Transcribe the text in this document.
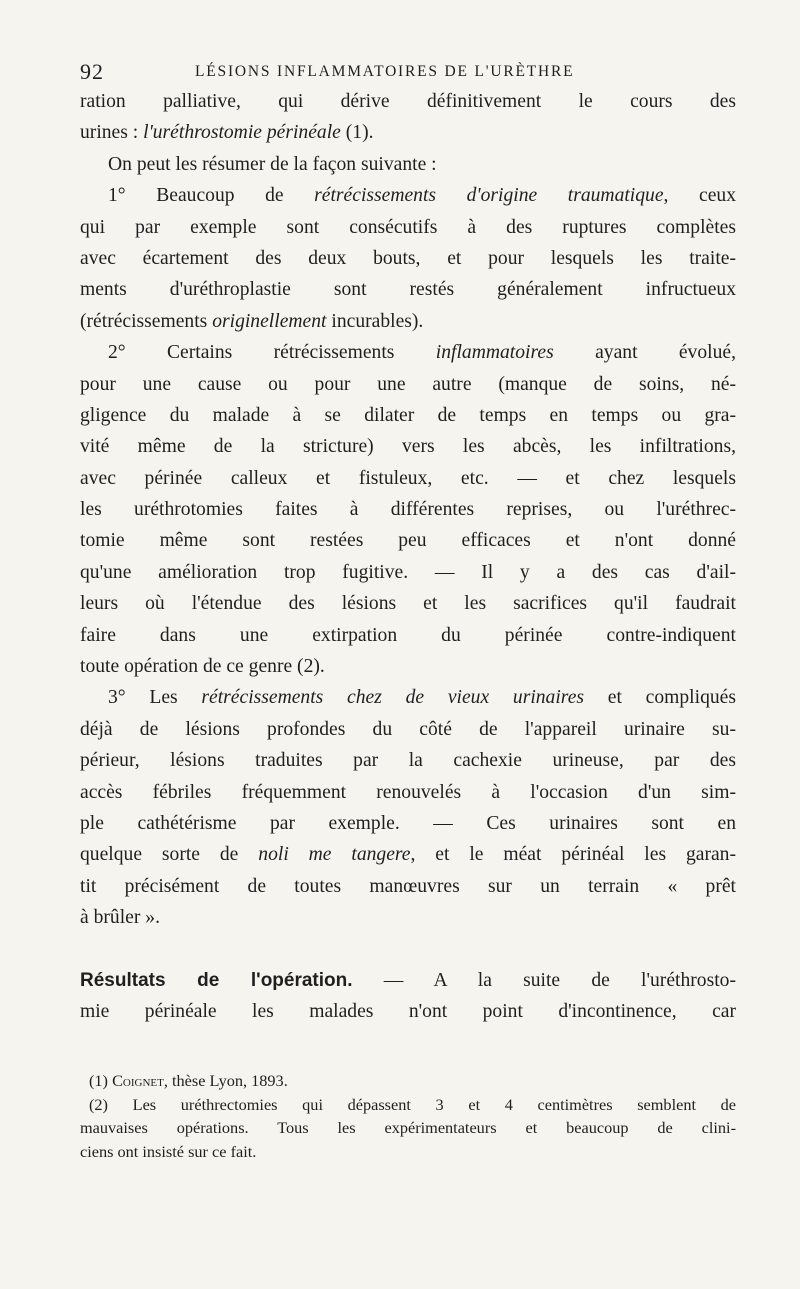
92	LÉSIONS INFLAMMATOIRES DE L'URÈTHRE
ration palliative, qui dérive définitivement le cours des
urines : l'uréthrostomie périnéale (1).
On peut les résumer de la façon suivante :
1° Beaucoup de rétrécissements d'origine traumatique, ceux
qui par exemple sont consécutifs à des ruptures complètes
avec écartement des deux bouts, et pour lesquels les traite-
ments d'uréthroplastie sont restés généralement infructueux
(rétrécissements originellement incurables).
2° Certains rétrécissements inflammatoires ayant évolué,
pour une cause ou pour une autre (manque de soins, né-
gligence du malade à se dilater de temps en temps ou gra-
vité même de la stricture) vers les abcès, les infiltrations,
avec périnée calleux et fistuleux, etc. — et chez lesquels
les uréthrotomies faites à différentes reprises, ou l'uréthrec-
tomie même sont restées peu efficaces et n'ont donné
qu'une amélioration trop fugitive. — Il y a des cas d'ail-
leurs où l'étendue des lésions et les sacrifices qu'il faudrait
faire dans une extirpation du périnée contre-indiquent
toute opération de ce genre (2).
3° Les rétrécissements chez de vieux urinaires et compliqués
déjà de lésions profondes du côté de l'appareil urinaire su-
périeur, lésions traduites par la cachexie urineuse, par des
accès fébriles fréquemment renouvelés à l'occasion d'un sim-
ple cathétérisme par exemple. — Ces urinaires sont en
quelque sorte de noli me tangere, et le méat périnéal les garan-
tit précisément de toutes manœuvres sur un terrain « prêt
à brûler ».
Résultats de l'opération. — A la suite de l'uréthrosto-
mie périnéale les malades n'ont point d'incontinence, car
(1) Coignet, thèse Lyon, 1893.
(2) Les uréthrectomies qui dépassent 3 et 4 centimètres semblent de
mauvaises opérations. Tous les expérimentateurs et beaucoup de clini-
ciens ont insisté sur ce fait.
